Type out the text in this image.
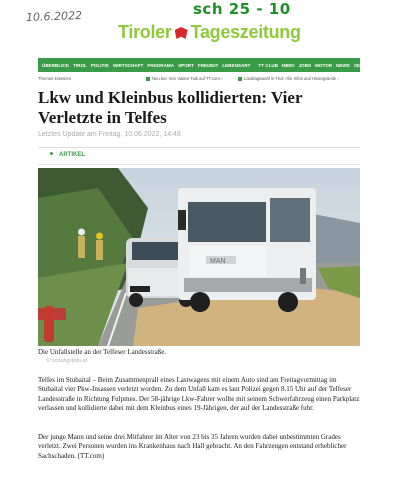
10.6.2022	sch 25 - 10
Tiroler Tageszeitung
ÜBERBLICK TIROL POLITIK WIRTSCHAFT PANORAMA SPORT FREIZEIT LEBENSART TT CLUB IMMO JOBS MOTOR NEWS SERVICE ⚲
Themen-Dossiers	Neu bei: Sen Vaden Tuik auf TT.com ›	Landtagswahl in Tirol: Alle Infos und Hintergründe ›
Lkw und Kleinbus kollidierten: Vier Verletzte in Telfes
Letztes Update am Freitag, 10.06.2022, 14:48
ARTIKEL
MAN
Die Unfallstelle an der Telfeser Landesstraße.
© zeitungsfoto.at
Telfes im Stubaital – Beim Zusammenprall eines Lastwagens mit einem Auto sind am Freitagvormittag im Stubaital vier Pkw-Insassen verletzt worden. Zu dem Unfall kam es laut Polizei gegen 8.15 Uhr auf der Telfeser Landesstraße in Richtung Fulpmes. Der 58-jährige Lkw-Fahrer wollte mit seinem Schwerfahrzeug einen Parkplatz verlassen und kollidierte dabei mit dem Kleinbus eines 19-Jährigen, der auf der Landesstraße fuhr.
Der junge Mann und seine drei Mitfahrer im Alter von 23 bis 35 Jahren wurden dabei unbestimmten Grades verletzt. Zwei Personen wurden ins Krankenhaus nach Hall gebracht. An den Fahrzeugen entstand erheblicher Sachschaden. (TT.com)
